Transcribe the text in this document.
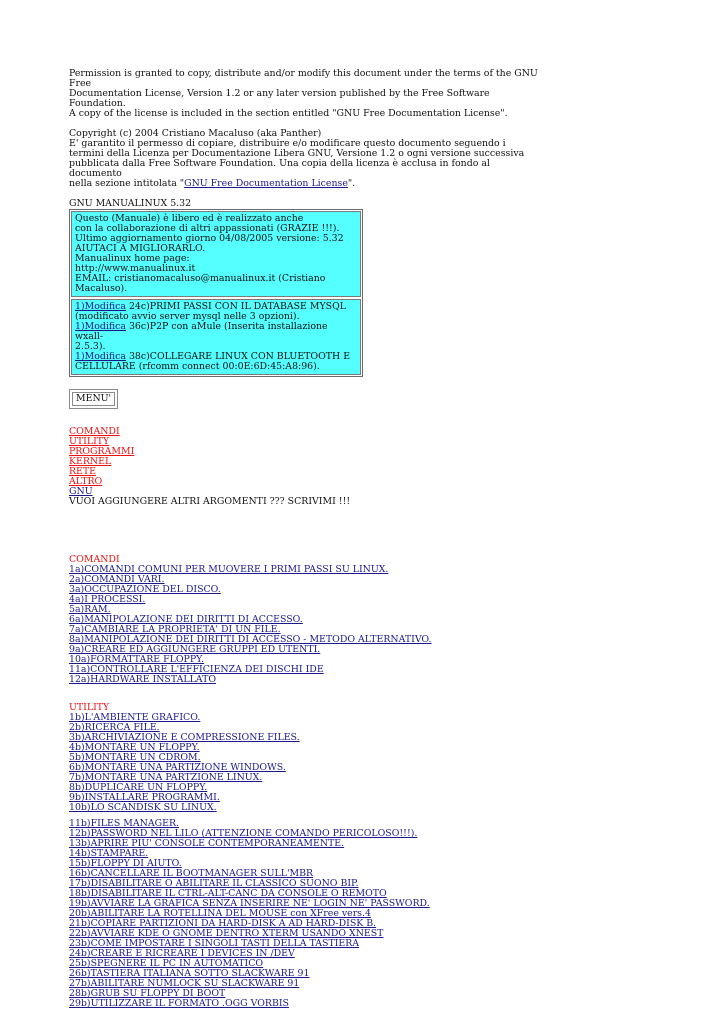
Permission is granted to copy, distribute and/or modify this document under the terms of the GNU Free

Documentation License, Version 1.2 or any later version published by the Free Software Foundation.

A copy of the license is included in the section entitled "GNU Free Documentation License".

Copyright (c) 2004 Cristiano Macaluso (aka Panther)

E' garantito il permesso di copiare, distribuire e/o modificare questo documento seguendo i

termini della Licenza per Documentazione Libera GNU, Versione 1.2 o ogni versione successiva

pubblicata dalla Free Software Foundation. Una copia della licenza è acclusa in fondo al documento

nella sezione intitolata "GNU Free Documentation License".

GNU MANUALINUX 5.32

Questo (Manuale) è libero ed è realizzato anche

con la collaborazione di altri appassionati (GRAZIE !!!).

Ultimo aggiornamento giorno 04/08/2005 versione: 5.32

AIUTACI A MIGLIORARLO.

Manualinux home page:

http://www.manualinux.it

EMAIL: cristianomacaluso@manualinux.it (Cristiano Macaluso).

1)Modifica 24c)PRIMI PASSI CON IL DATABASE MYSQL

(modificato avvio server mysql nelle 3 opzioni).

1)Modifica 36c)P2P con aMule (Inserita installazione wxall-

2.5.3).

1)Modifica 38c)COLLEGARE LINUX CON BLUETOOTH E

CELLULARE (rfcomm connect 00:0E:6D:45:A8:96).

MENU'
COMANDI
UTILITY
PROGRAMMI
KERNEL
RETE
ALTRO
GNU
VUOI AGGIUNGERE ALTRI ARGOMENTI ??? SCRIVIMI !!!
COMANDI
1a)COMANDI COMUNI PER MUOVERE I PRIMI PASSI SU LINUX.
2a)COMANDI VARI.
3a)OCCUPAZIONE DEL DISCO.
4a)I PROCESSI.
5a)RAM.
6a)MANIPOLAZIONE DEI DIRITTI DI ACCESSO.
7a)CAMBIARE LA PROPRIETA' DI UN FILE.
8a)MANIPOLAZIONE DEI DIRITTI DI ACCESSO - METODO ALTERNATIVO.
9a)CREARE ED AGGIUNGERE GRUPPI ED UTENTI.
10a)FORMATTARE FLOPPY.
11a)CONTROLLARE L'EFFICIENZA DEI DISCHI IDE
12a)HARDWARE INSTALLATO
UTILITY
1b)L'AMBIENTE GRAFICO.
2b)RICERCA FILE.
3b)ARCHIVIAZIONE E COMPRESSIONE FILES.
4b)MONTARE UN FLOPPY.
5b)MONTARE UN CDROM.
6b)MONTARE UNA PARTIZIONE WINDOWS.
7b)MONTARE UNA PARTZIONE LINUX.
8b)DUPLICARE UN FLOPPY.
9b)INSTALLARE PROGRAMMI.
10b)LO SCANDISK SU LINUX.
11b)FILES MANAGER.
12b)PASSWORD NEL LILO (ATTENZIONE COMANDO PERICOLOSO!!!).
13b)APRIRE PIU' CONSOLE CONTEMPORANEAMENTE.
14b)STAMPARE.
15b)FLOPPY DI AIUTO.
16b)CANCELLARE IL BOOTMANAGER SULL'MBR
17b)DISABILITARE O ABILITARE IL CLASSICO SUONO BIP.
18b)DISABILITARE IL CTRL-ALT-CANC DA CONSOLE O REMOTO
19b)AVVIARE LA GRAFICA SENZA INSERIRE NE' LOGIN NE' PASSWORD.
20b)ABILITARE LA ROTELLINA DEL MOUSE con XFree vers.4
21b)COPIARE PARTIZIONI DA HARD-DISK A AD HARD-DISK B.
22b)AVVIARE KDE O GNOME DENTRO XTERM USANDO XNEST
23b)COME IMPOSTARE I SINGOLI TASTI DELLA TASTIERA
24b)CREARE E RICREARE I DEVICES IN /DEV
25b)SPEGNERE IL PC IN AUTOMATICO
26b)TASTIERA ITALIANA SOTTO SLACKWARE 91
27b)ABILITARE NUMLOCK SU SLACKWARE 91
28b)GRUB SU FLOPPY DI BOOT
29b)UTILIZZARE IL FORMATO .OGG VORBIS
